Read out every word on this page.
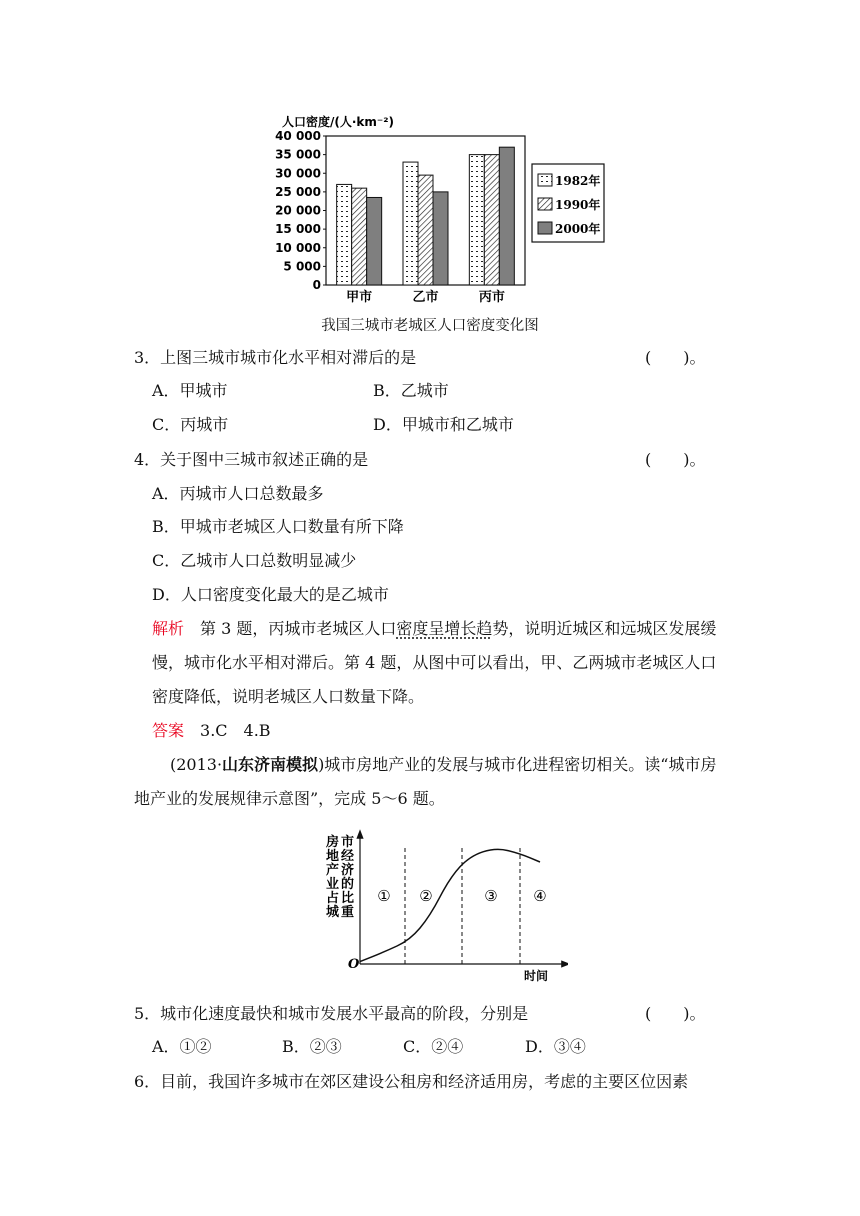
人口密度/(人·km⁻²)
0
5 000
10 000
15 000
20 000
25 000
30 000
35 000
40 000
甲市	乙市	丙市
1982年
1990年
2000年
我国三城市老城区人口密度变化图
3．上图三城市城市化水平相对滞后的是	(　　)。
A．甲城市	B．乙城市
C．丙城市	D．甲城市和乙城市
4．关于图中三城市叙述正确的是	(　　)。
A．丙城市人口总数最多
B．甲城市老城区人口数量有所下降
C．乙城市人口总数明显减少
D．人口密度变化最大的是乙城市
解析　第 3 题，丙城市老城区人口密度呈增长趋势，说明近城区和远城区发展缓慢，城市化水平相对滞后。第 4 题，从图中可以看出，甲、乙两城市老城区人口密度降低，说明老城区人口数量下降。
答案　3.C　4.B
(2013·山东济南模拟)城市房地产业的发展与城市化进程密切相关。读“城市房地产业的发展规律示意图”，完成 5～6 题。
房
地
产
业
占
城
市
经
济
的
比
重
O
时间
① ②	③ ④
5．城市化速度最快和城市发展水平最高的阶段，分别是	(　　)。
A．①②	B．②③	C．②④	D．③④
6．目前，我国许多城市在郊区建设公租房和经济适用房，考虑的主要区位因素
